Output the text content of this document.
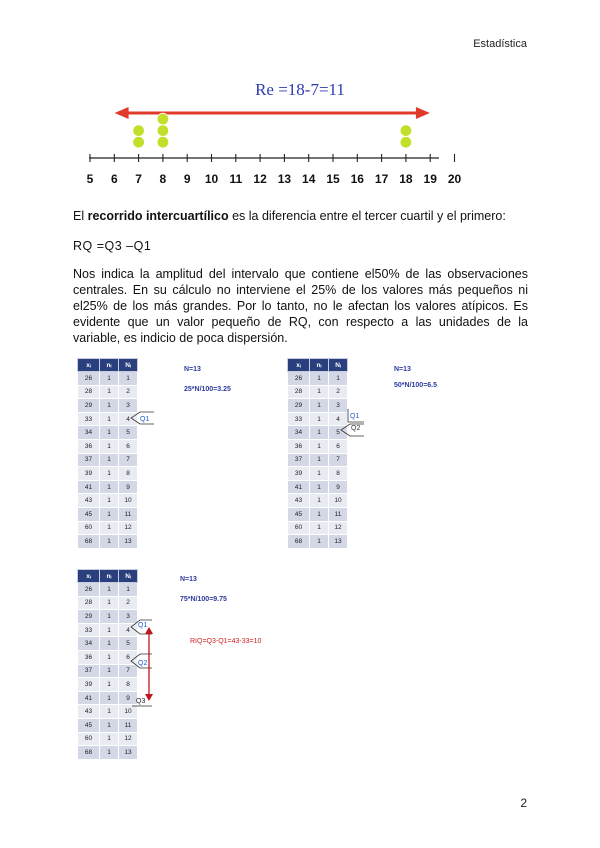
Estadística
Re =18-7=11
5 6 7 8 9 10 11 12 13 14 15 16 17 18 19 20
El recorrido intercuartílico es la diferencia entre el tercer cuartil y el primero:
RQ =Q3 –Q1
Nos indica la amplitud del intervalo que contiene el50% de las observaciones centrales. En su cálculo no interviene el 25% de los valores más pequeños ni el25% de los más grandes. Por lo tanto, no le afectan los valores atípicos. Es evidente que un valor pequeño de RQ, con respecto a las unidades de la variable, es indicio de poca dispersión.
xᵢ	nᵢ	Nᵢ
26	1	1
28	1	2
29	1	3
33	1	4
34	1	5
36	1	6
37	1	7
39	1	8
41	1	9
43	1	10
45	1	11
60	1	12
68	1	13
N=13
25*N/100=3.25
Q1
xᵢ	nᵢ	Nᵢ
26	1	1
28	1	2
29	1	3
33	1	4
34	1	5
36	1	6
37	1	7
39	1	8
41	1	9
43	1	10
45	1	11
60	1	12
68	1	13
N=13
50*N/100=6.5
Q1
Q2
xᵢ	nᵢ	Nᵢ
26	1	1
28	1	2
29	1	3
33	1	4
34	1	5
36	1	6
37	1	7
39	1	8
41	1	9
43	1	10
45	1	11
60	1	12
68	1	13
N=13
75*N/100=9.75
RIQ=Q3-Q1=43-33=10
Q1
Q2
Q3
2
